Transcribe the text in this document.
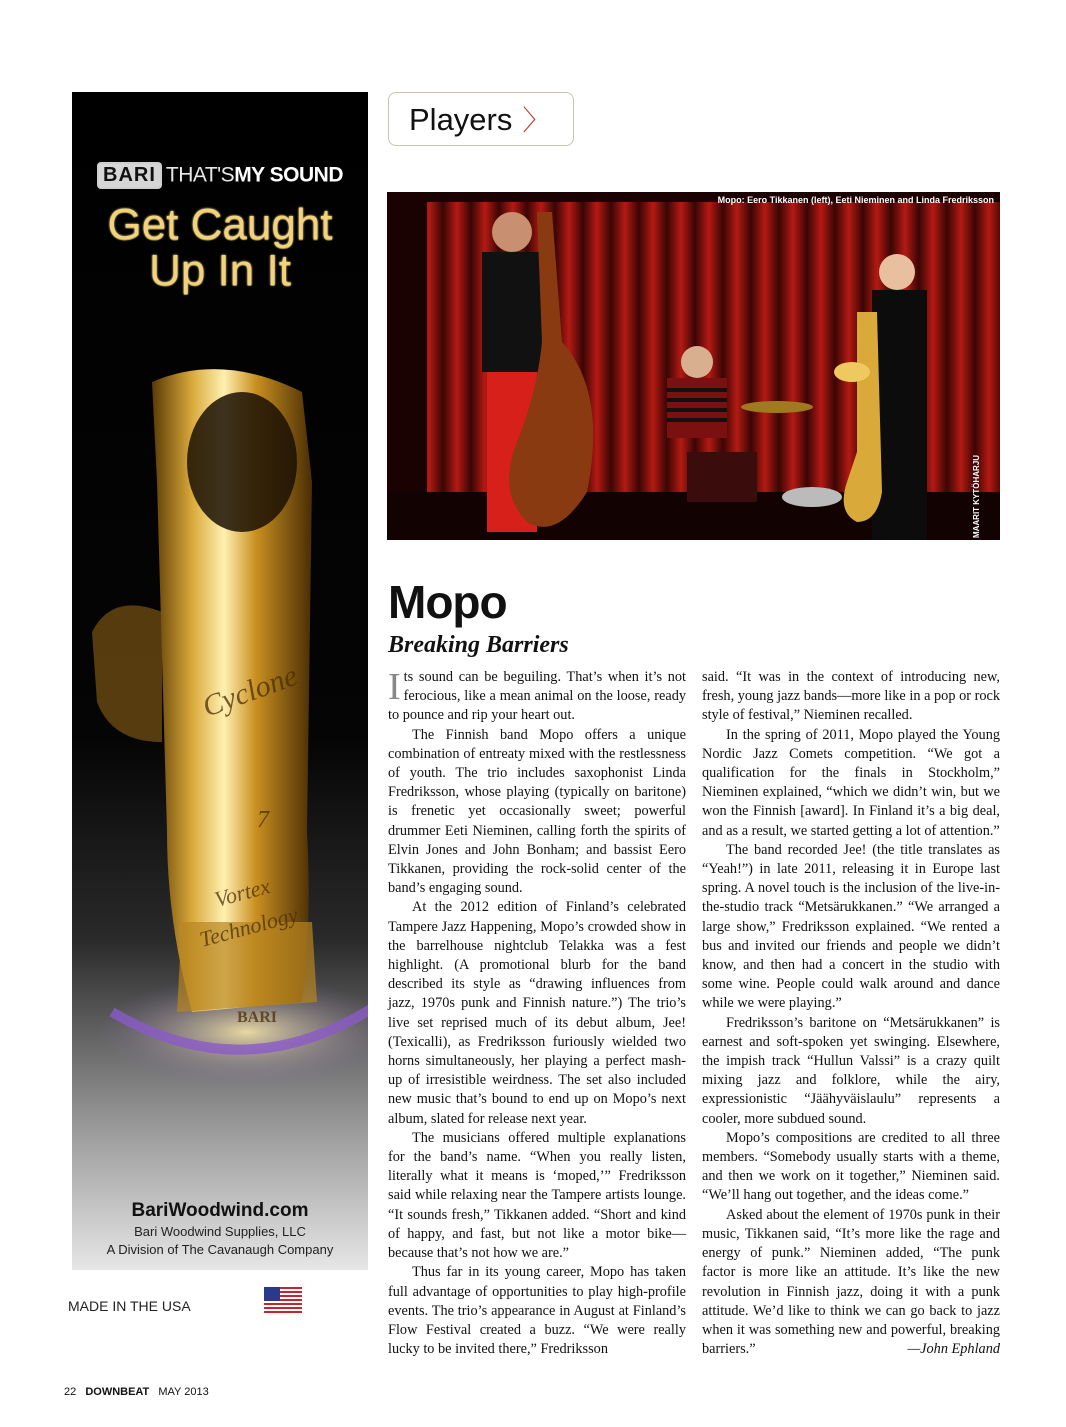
BARI THAT'SMY SOUND
Get Caught
Up In It
Cyclone
7
Vortex
Technology
BARI
BariWoodwind.com
Bari Woodwind Supplies, LLC
A Division of The Cavanaugh Company
MADE IN THE USA
Players 〉
Mopo: Eero Tikkanen (left), Eeti Nieminen and Linda Fredriksson
MAARIT KYTÖHARJU
Mopo
Breaking Barriers

Its sound can be beguiling. That’s when it’s not ferocious, like a mean animal on the loose, ready to pounce and rip your heart out.

The Finnish band Mopo offers a unique combination of entreaty mixed with the restlessness of youth. The trio includes saxophonist Linda Fredriksson, whose playing (typically on baritone) is frenetic yet occasionally sweet; powerful drummer Eeti Nieminen, calling forth the spirits of Elvin Jones and John Bonham; and bassist Eero Tikkanen, providing the rock-solid center of the band’s engaging sound.

At the 2012 edition of Finland’s celebrated Tampere Jazz Happening, Mopo’s crowded show in the barrelhouse nightclub Telakka was a fest highlight. (A promotional blurb for the band described its style as “drawing influences from jazz, 1970s punk and Finnish nature.”) The trio’s live set reprised much of its debut album, Jee! (Texicalli), as Fredriksson furiously wielded two horns simultaneously, her playing a perfect mash-up of irresistible weirdness. The set also included new music that’s bound to end up on Mopo’s next album, slated for release next year.

The musicians offered multiple explanations for the band’s name. “When you really listen, literally what it means is ‘moped,’” Fredriksson said while relaxing near the Tampere artists lounge. “It sounds fresh,” Tikkanen added. “Short and kind of happy, and fast, but not like a motor bike—because that’s not how we are.”

Thus far in its young career, Mopo has taken full advantage of opportunities to play high-profile events. The trio’s appearance in August at Finland’s Flow Festival created a buzz. “We were really lucky to be invited there,” Fredriksson

said. “It was in the context of introducing new, fresh, young jazz bands—more like in a pop or rock style of festival,” Nieminen recalled.

In the spring of 2011, Mopo played the Young Nordic Jazz Comets competition. “We got a qualification for the finals in Stockholm,” Nieminen explained, “which we didn’t win, but we won the Finnish [award]. In Finland it’s a big deal, and as a result, we started getting a lot of attention.”

The band recorded Jee! (the title translates as “Yeah!”) in late 2011, releasing it in Europe last spring. A novel touch is the inclusion of the live-in-the-studio track “Metsärukkanen.” “We arranged a large show,” Fredriksson explained. “We rented a bus and invited our friends and people we didn’t know, and then had a concert in the studio with some wine. People could walk around and dance while we were playing.”

Fredriksson’s baritone on “Metsärukkanen” is earnest and soft-spoken yet swinging. Elsewhere, the impish track “Hullun Valssi” is a crazy quilt mixing jazz and folklore, while the airy, expressionistic “Jäähyväislaulu” represents a cooler, more subdued sound.

Mopo’s compositions are credited to all three members. “Somebody usually starts with a theme, and then we work on it together,” Nieminen said. “We’ll hang out together, and the ideas come.”

Asked about the element of 1970s punk in their music, Tikkanen said, “It’s more like the rage and energy of punk.” Nieminen added, “The punk factor is more like an attitude. It’s like the new revolution in Finnish jazz, doing it with a punk attitude. We’d like to think we can go back to jazz when it was something new and powerful, breaking barriers.”	—John Ephland

22 DOWNBEAT MAY 2013
